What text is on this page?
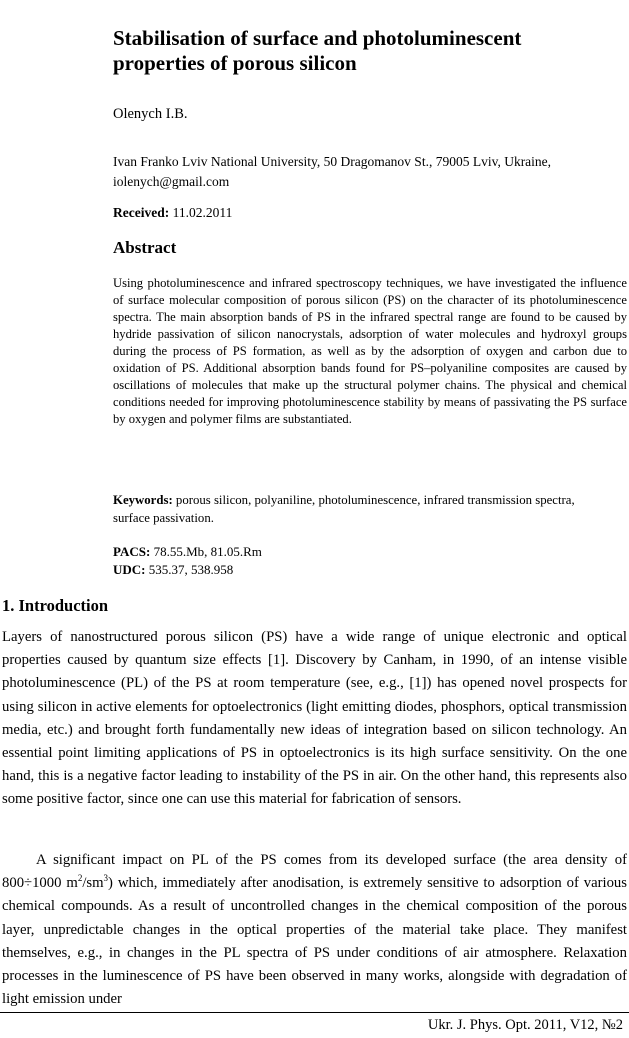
Stabilisation of surface and photoluminescent properties of porous silicon
Olenych I.B.
Ivan Franko Lviv National University, 50 Dragomanov St., 79005 Lviv, Ukraine, iolenych@gmail.com
Received: 11.02.2011
Abstract
Using photoluminescence and infrared spectroscopy techniques, we have investigated the influence of surface molecular composition of porous silicon (PS) on the character of its photoluminescence spectra. The main absorption bands of PS in the infrared spectral range are found to be caused by hydride passivation of silicon nanocrystals, adsorption of water molecules and hydroxyl groups during the process of PS formation, as well as by the adsorption of oxygen and carbon due to oxidation of PS. Additional absorption bands found for PS–polyaniline composites are caused by oscillations of molecules that make up the structural polymer chains. The physical and chemical conditions needed for improving photoluminescence stability by means of passivating the PS surface by oxygen and polymer films are substantiated.
Keywords: porous silicon, polyaniline, photoluminescence, infrared transmission spectra, surface passivation.
PACS: 78.55.Mb, 81.05.Rm
UDC: 535.37, 538.958
1. Introduction

Layers of nanostructured porous silicon (PS) have a wide range of unique electronic and optical properties caused by quantum size effects [1]. Discovery by Canham, in 1990, of an intense visible photoluminescence (PL) of the PS at room temperature (see, e.g., [1]) has opened novel prospects for using silicon in active elements for optoelectronics (light emitting diodes, phosphors, optical transmission media, etc.) and brought forth fundamentally new ideas of integration based on silicon technology. An essential point limiting applications of PS in optoelectronics is its high surface sensitivity. On the one hand, this is a negative factor leading to instability of the PS in air. On the other hand, this represents also some positive factor, since one can use this material for fabrication of sensors.

A significant impact on PL of the PS comes from its developed surface (the area density of 800÷1000 $m^2/sm^3$) which, immediately after anodisation, is extremely sensitive to adsorption of various chemical compounds. As a result of uncontrolled changes in the chemical composition of the porous layer, unpredictable changes in the optical properties of the material take place. They manifest themselves, e.g., in changes in the PL spectra of PS under conditions of air atmosphere. Relaxation processes in the luminescence of PS have been observed in many works, alongside with degradation of light emission under

Ukr. J. Phys. Opt. 2011, V12, №2
